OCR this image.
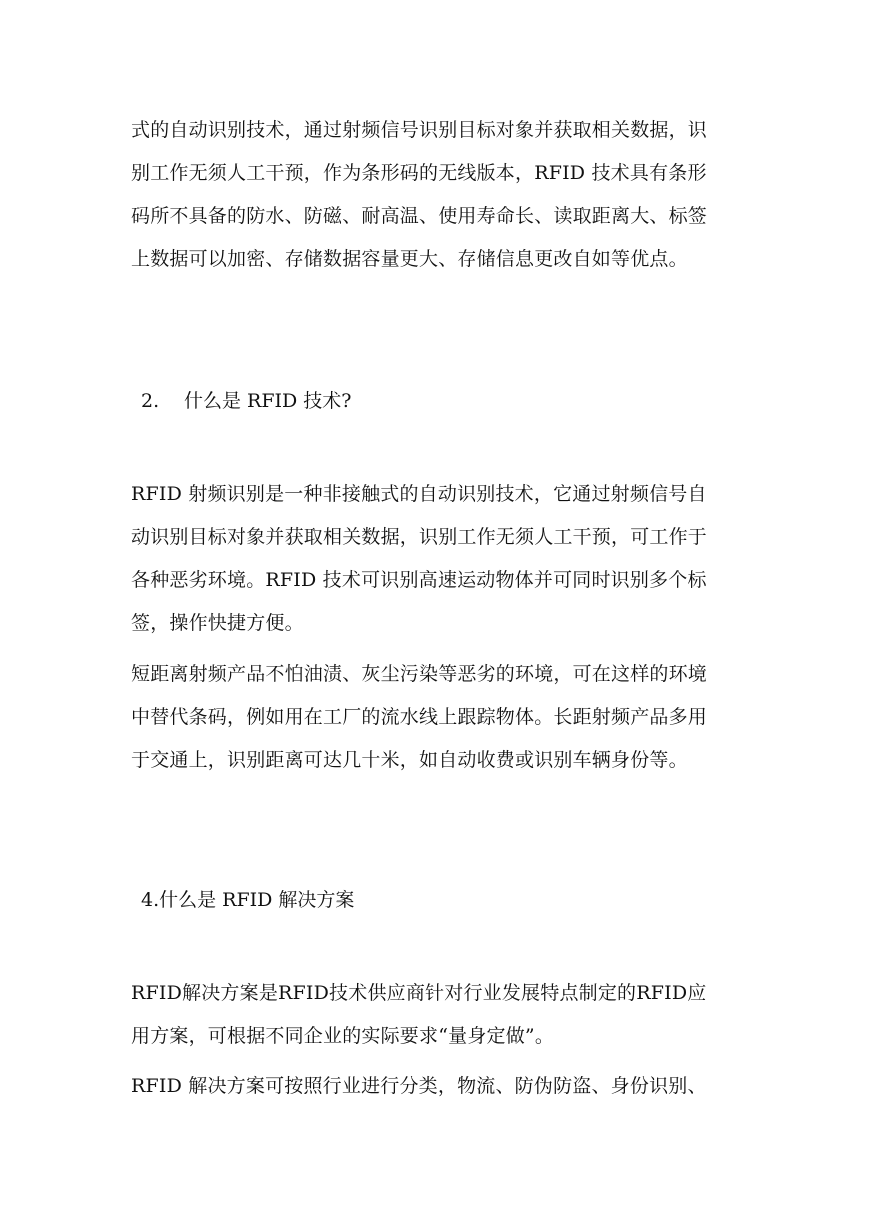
式的自动识别技术，通过射频信号识别目标对象并获取相关数据，识
别工作无须人工干预，作为条形码的无线版本，RFID 技术具有条形
码所不具备的防水、防磁、耐高温、使用寿命长、读取距离大、标签
上数据可以加密、存储数据容量更大、存储信息更改自如等优点。
2. 什么是 RFID 技术?
RFID 射频识别是一种非接触式的自动识别技术，它通过射频信号自
动识别目标对象并获取相关数据，识别工作无须人工干预，可工作于
各种恶劣环境。RFID 技术可识别高速运动物体并可同时识别多个标
签，操作快捷方便。
短距离射频产品不怕油渍、灰尘污染等恶劣的环境，可在这样的环境
中替代条码，例如用在工厂的流水线上跟踪物体。长距射频产品多用
于交通上，识别距离可达几十米，如自动收费或识别车辆身份等。
4.什么是 RFID 解决方案
RFID解决方案是RFID技术供应商针对行业发展特点制定的RFID应
用方案，可根据不同企业的实际要求“量身定做”。
RFID 解决方案可按照行业进行分类，物流、防伪防盗、身份识别、
